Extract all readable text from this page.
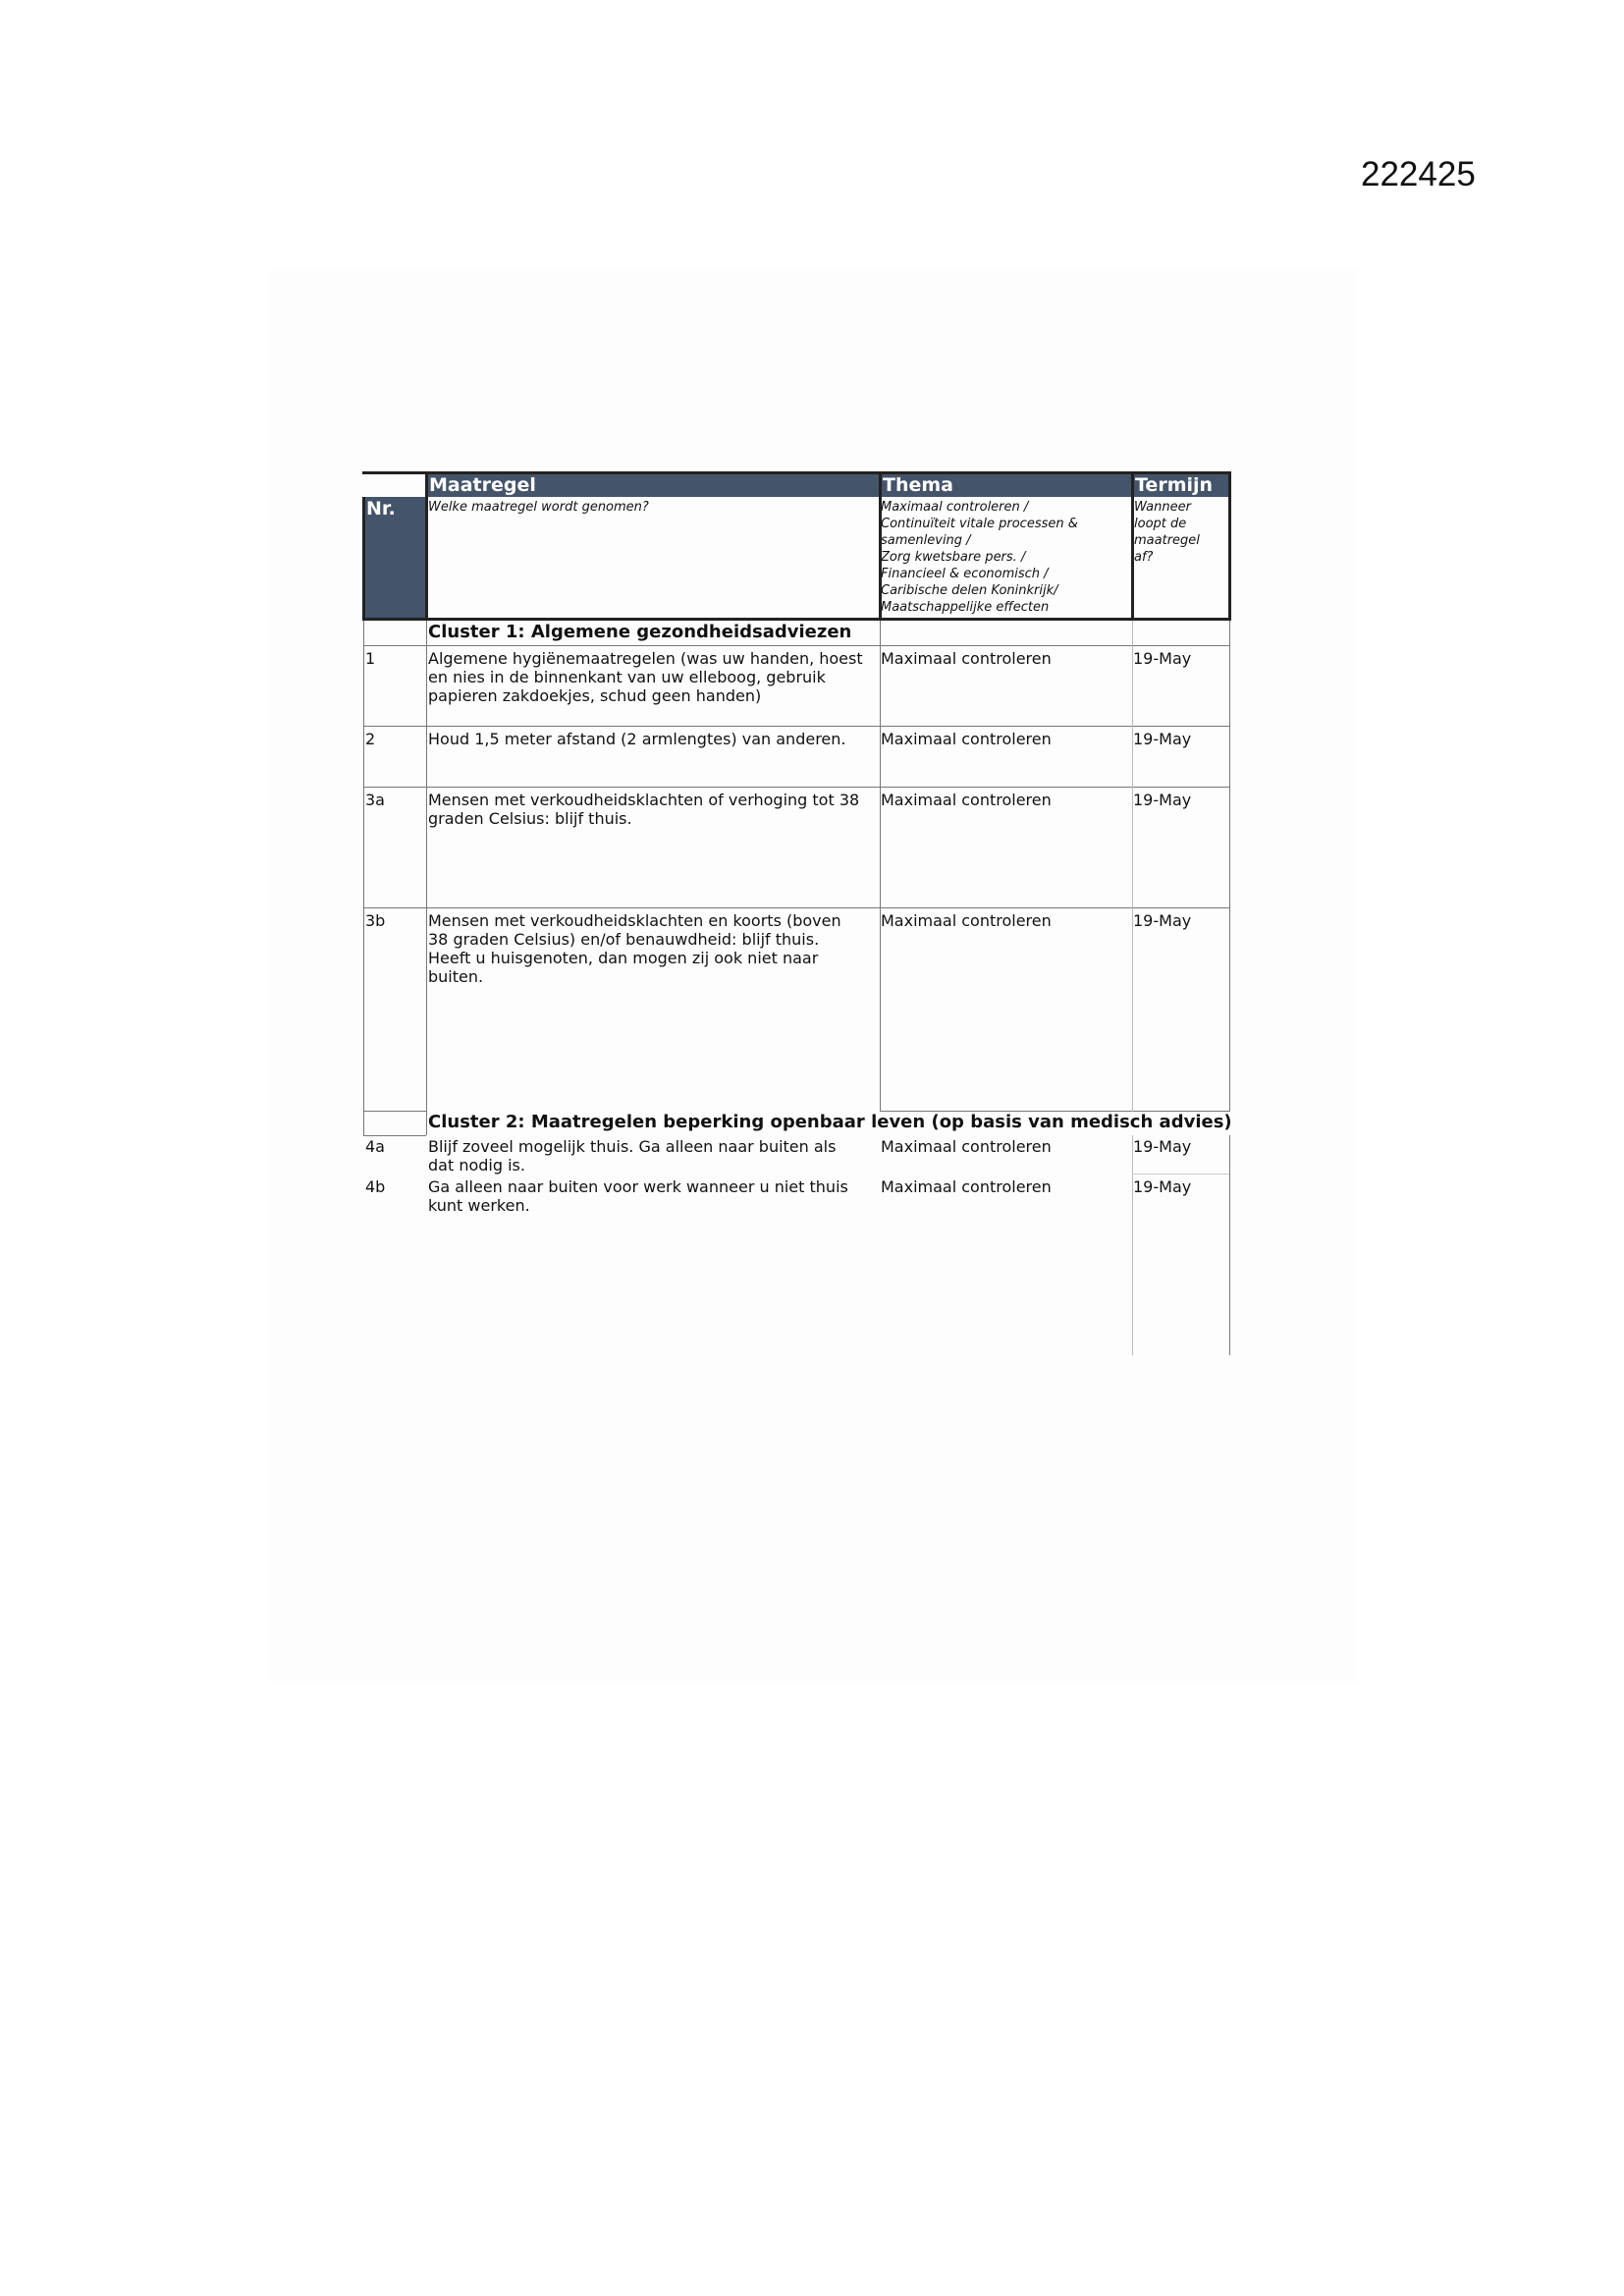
222425
Nr.
Maatregel	Thema	Termijn
Welke maatregel wordt genomen?	Maximaal controleren /
Continuïteit vitale processen &
samenleving /
Zorg kwetsbare pers. /
Financieel & economisch /
Caribische delen Koninkrijk/
Maatschappelijke effecten
Wanneer
loopt de
maatregel
af?
Cluster 1: Algemene gezondheidsadviezen
1	Algemene hygiënemaatregelen (was uw handen, hoest
en nies in de binnenkant van uw elleboog, gebruik
papieren zakdoekjes, schud geen handen)
Maximaal controleren	19-May
2	Houd 1,5 meter afstand (2 armlengtes) van anderen.	Maximaal controleren	19-May
3a	Mensen met verkoudheidsklachten of verhoging tot 38
graden Celsius: blijf thuis.
Maximaal controleren	19-May
3b	Mensen met verkoudheidsklachten en koorts (boven
38 graden Celsius) en/of benauwdheid: blijf thuis.
Heeft u huisgenoten, dan mogen zij ook niet naar
buiten.
Maximaal controleren	19-May
Cluster 2: Maatregelen beperking openbaar leven (op basis van medisch advies)
4a	Blijf zoveel mogelijk thuis. Ga alleen naar buiten als
dat nodig is.
Maximaal controleren	19-May
4b	Ga alleen naar buiten voor werk wanneer u niet thuis
kunt werken.
Maximaal controleren	19-May
